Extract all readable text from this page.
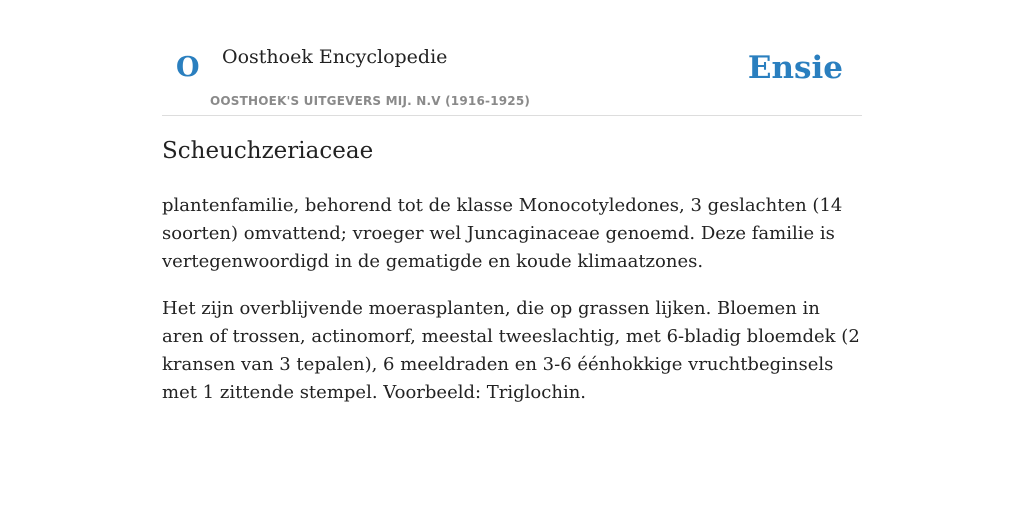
O Oosthoek Encyclopedie
OOSTHOEK'S UITGEVERS MIJ. N.V (1916-1925)
Ensie
Scheuchzeriaceae

plantenfamilie, behorend tot de klasse Monocotyledones, 3 geslachten (14 soorten) omvattend; vroeger wel Juncaginaceae genoemd. Deze familie is vertegenwoordigd in de gematigde en koude klimaatzones.

Het zijn overblijvende moerasplanten, die op grassen lijken. Bloemen in aren of trossen, actinomorf, meestal tweeslachtig, met 6-bladig bloemdek (2 kransen van 3 tepalen), 6 meeldraden en 3-6 éénhokkige vruchtbeginsels met 1 zittende stempel. Voorbeeld: Triglochin.
